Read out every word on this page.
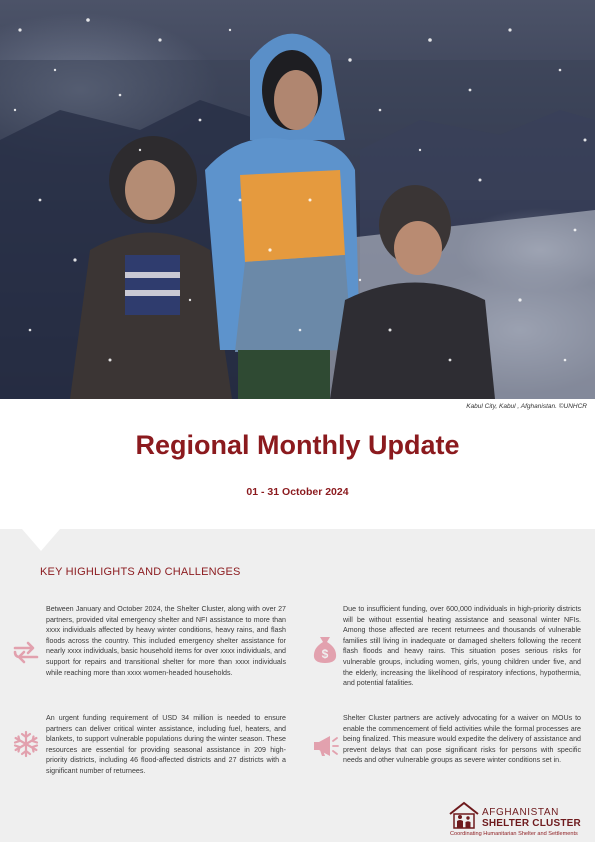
Kabul City, Kabul , Afghanistan. ©UNHCR
Regional Monthly Update
01 - 31 October 2024
KEY HIGHLIGHTS AND CHALLENGES
$
Between January and October 2024, the Shelter Cluster, along with over 27 partners, provided vital emergency shelter and NFI assistance to more than xxxx individuals affected by heavy winter conditions, heavy rains, and flash floods across the country. This included emergency shelter assistance for nearly xxxx individuals, basic household items for over xxxx individuals, and support for repairs and transitional shelter for more than xxxx individuals while reaching more than xxxx women-headed households.
An urgent funding requirement of USD 34 million is needed to ensure partners can deliver critical winter assistance, including fuel, heaters, and blankets, to support vulnerable populations during the winter season. These resources are essential for providing seasonal assistance in 209 high-priority districts, including 46 flood-affected districts and 27 districts with a significant number of returnees.
Due to insufficient funding, over 600,000 individuals in high-priority districts will be without essential heating assistance and seasonal winter NFIs. Among those affected are recent returnees and thousands of vulnerable families still living in inadequate or damaged shelters following the recent flash floods and heavy rains. This situation poses serious risks for vulnerable groups, including women, girls, young children under five, and the elderly, increasing the likelihood of respiratory infections, hypothermia, and potential fatalities.
Shelter Cluster partners are actively advocating for a waiver on MOUs to enable the commencement of field activities while the formal processes are being finalized. This measure would expedite the delivery of assistance and prevent delays that can pose significant risks for persons with specific needs and other vulnerable groups as severe winter conditions set in.
AFGHANISTAN
SHELTER CLUSTER
Coordinating Humanitarian Shelter and Settlements
